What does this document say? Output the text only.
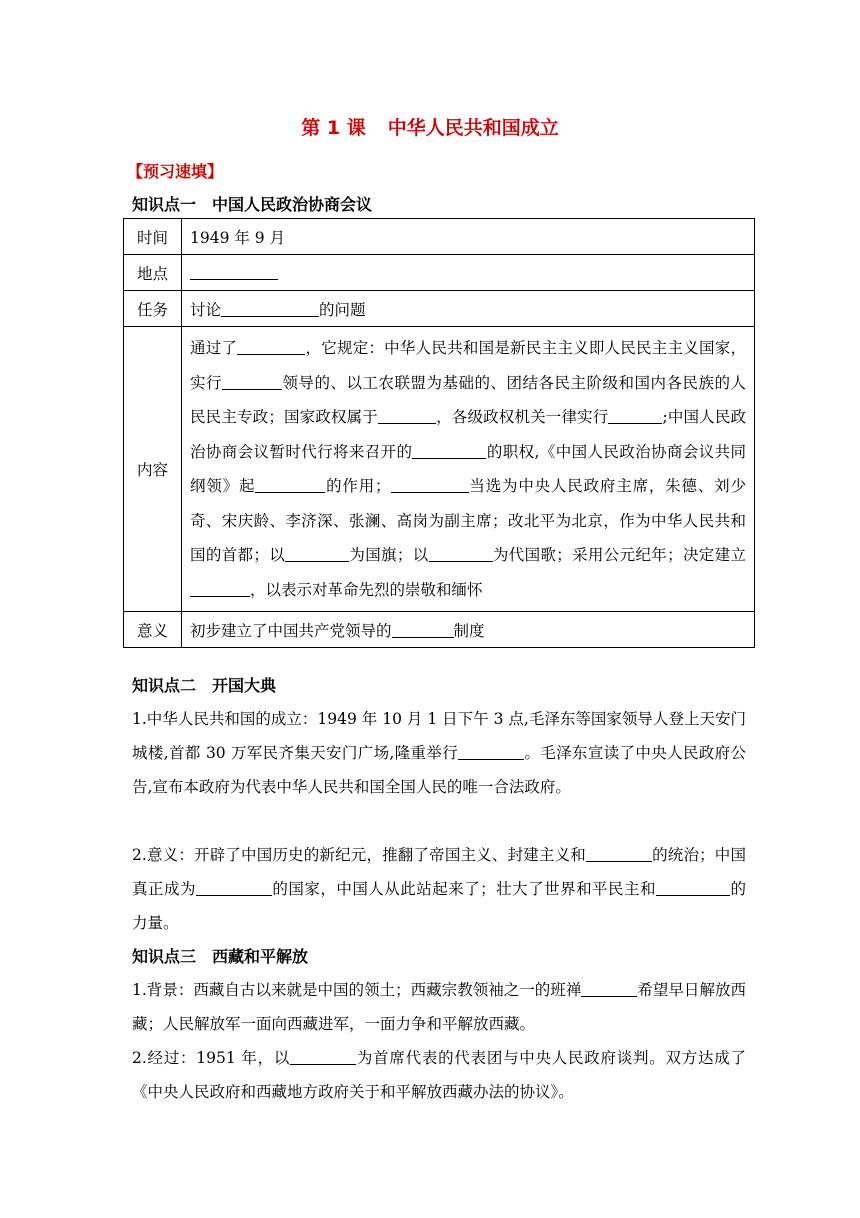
第 1 课 中华人民共和国成立
【预习速填】
知识点一 中国人民政治协商会议
时间	1949 年 9 月
地点	
任务	讨论 的问题
内容	通过了 ，它规定：中华人民共和国是新民主主义即人民民主主义国家，实行 领导的、以工农联盟为基础的、团结各民主阶级和国内各民族的人民民主专政；国家政权属于 ，各级政权机关一律实行 ;中国人民政治协商会议暂时代行将来召开的 的职权,《中国人民政治协商会议共同纲领》起 的作用； 当选为中央人民政府主席，朱德、刘少奇、宋庆龄、李济深、张澜、高岗为副主席；改北平为北京，作为中华人民共和国的首都；以 为国旗；以 为代国歌；采用公元纪年；决定建立，以表示对革命先烈的崇敬和缅怀
意义	初步建立了中国共产党领导的 制度
知识点二 开国大典
1.中华人民共和国的成立：1949 年 10 月 1 日下午 3 点,毛泽东等国家领导人登上天安门城楼,首都 30 万军民齐集天安门广场,隆重举行	。毛泽东宣读了中央人民政府公告,宣布本政府为代表中华人民共和国全国人民的唯一合法政府。
2.意义：开辟了中国历史的新纪元，推翻了帝国主义、封建主义和	的统治；中国真正成为	的国家，中国人从此站起来了；壮大了世界和平民主和	的力量。
知识点三 西藏和平解放
1.背景：西藏自古以来就是中国的领土；西藏宗教领袖之一的班禅	希望早日解放西藏；人民解放军一面向西藏进军，一面力争和平解放西藏。
2.经过：1951 年，以	为首席代表的代表团与中央人民政府谈判。双方达成了《中央人民政府和西藏地方政府关于和平解放西藏办法的协议》。
